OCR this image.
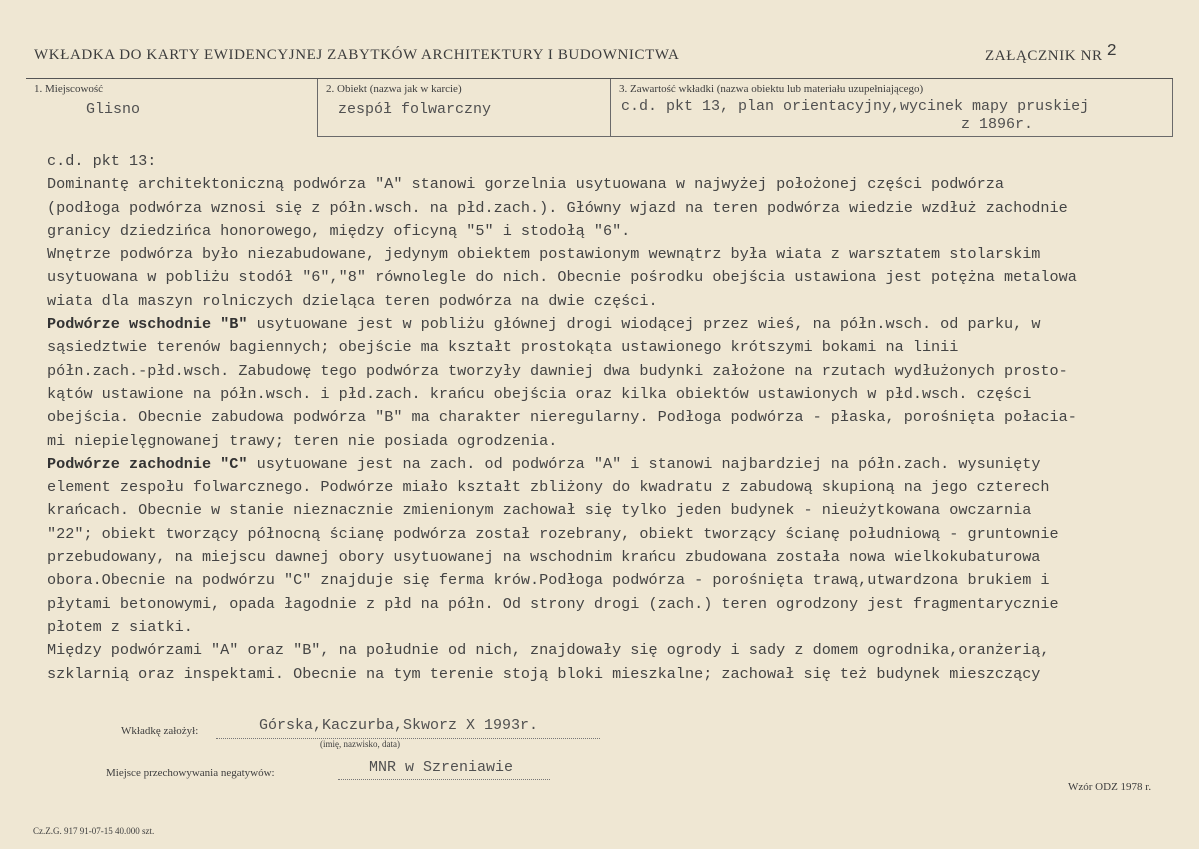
WKŁADKA DO KARTY EWIDENCYJNEJ ZABYTKÓW ARCHITEKTURY I BUDOWNICTWA	ZAŁĄCZNIK NR 2
1. Miejscowość
Glisno
2. Obiekt (nazwa jak w karcie)
zespół folwarczny
3. Zawartość wkładki (nazwa obiektu lub materiału uzupełniającego)
c.d. pkt 13, plan orientacyjny,wycinek mapy pruskiej
z 1896r.
c.d. pkt 13:
Dominantę architektoniczną podwórza "A" stanowi gorzelnia usytuowana w najwyżej położonej części podwórza
(podłoga podwórza wznosi się z półn.wsch. na płd.zach.). Główny wjazd na teren podwórza wiedzie wzdłuż zachodnie
granicy dziedzińca honorowego, między oficyną "5" i stodołą "6".
Wnętrze podwórza było niezabudowane, jedynym obiektem postawionym wewnątrz była wiata z warsztatem stolarskim
usytuowana w pobliżu stodół "6","8" równolegle do nich. Obecnie pośrodku obejścia ustawiona jest potężna metalowa
wiata dla maszyn rolniczych dzieląca teren podwórza na dwie części.
Podwórze wschodnie "B" usytuowane jest w pobliżu głównej drogi wiodącej przez wieś, na półn.wsch. od parku, w
sąsiedztwie terenów bagiennych; obejście ma kształt prostokąta ustawionego krótszymi bokami na linii
półn.zach.-płd.wsch. Zabudowę tego podwórza tworzyły dawniej dwa budynki założone na rzutach wydłużonych prosto-
kątów ustawione na półn.wsch. i płd.zach. krańcu obejścia oraz kilka obiektów ustawionych w płd.wsch. części
obejścia. Obecnie zabudowa podwórza "B" ma charakter nieregularny. Podłoga podwórza - płaska, porośnięta połacia-
mi niepielęgnowanej trawy; teren nie posiada ogrodzenia.
Podwórze zachodnie "C" usytuowane jest na zach. od podwórza "A" i stanowi najbardziej na półn.zach. wysunięty
element zespołu folwarcznego. Podwórze miało kształt zbliżony do kwadratu z zabudową skupioną na jego czterech
krańcach. Obecnie w stanie nieznacznie zmienionym zachował się tylko jeden budynek - nieużytkowana owczarnia
"22"; obiekt tworzący północną ścianę podwórza został rozebrany, obiekt tworzący ścianę południową - gruntownie
przebudowany, na miejscu dawnej obory usytuowanej na wschodnim krańcu zbudowana została nowa wielkokubaturowa
obora.Obecnie na podwórzu "C" znajduje się ferma krów.Podłoga podwórza - porośnięta trawą,utwardzona brukiem i
płytami betonowymi, opada łagodnie z płd na półn. Od strony drogi (zach.) teren ogrodzony jest fragmentarycznie
płotem z siatki.
Między podwórzami "A" oraz "B", na południe od nich, znajdowały się ogrody i sady z domem ogrodnika,oranżerią,
szklarnią oraz inspektami. Obecnie na tym terenie stoją bloki mieszkalne; zachował się też budynek mieszczący
Wkładkę założył:	Górska,Kaczurba,Skworz X 1993r.
(imię, nazwisko, data)
Miejsce przechowywania negatywów:	MNR w Szreniawie
Wzór ODZ 1978 r.
Cz.Z.G. 917 91-07-15 40.000 szt.
